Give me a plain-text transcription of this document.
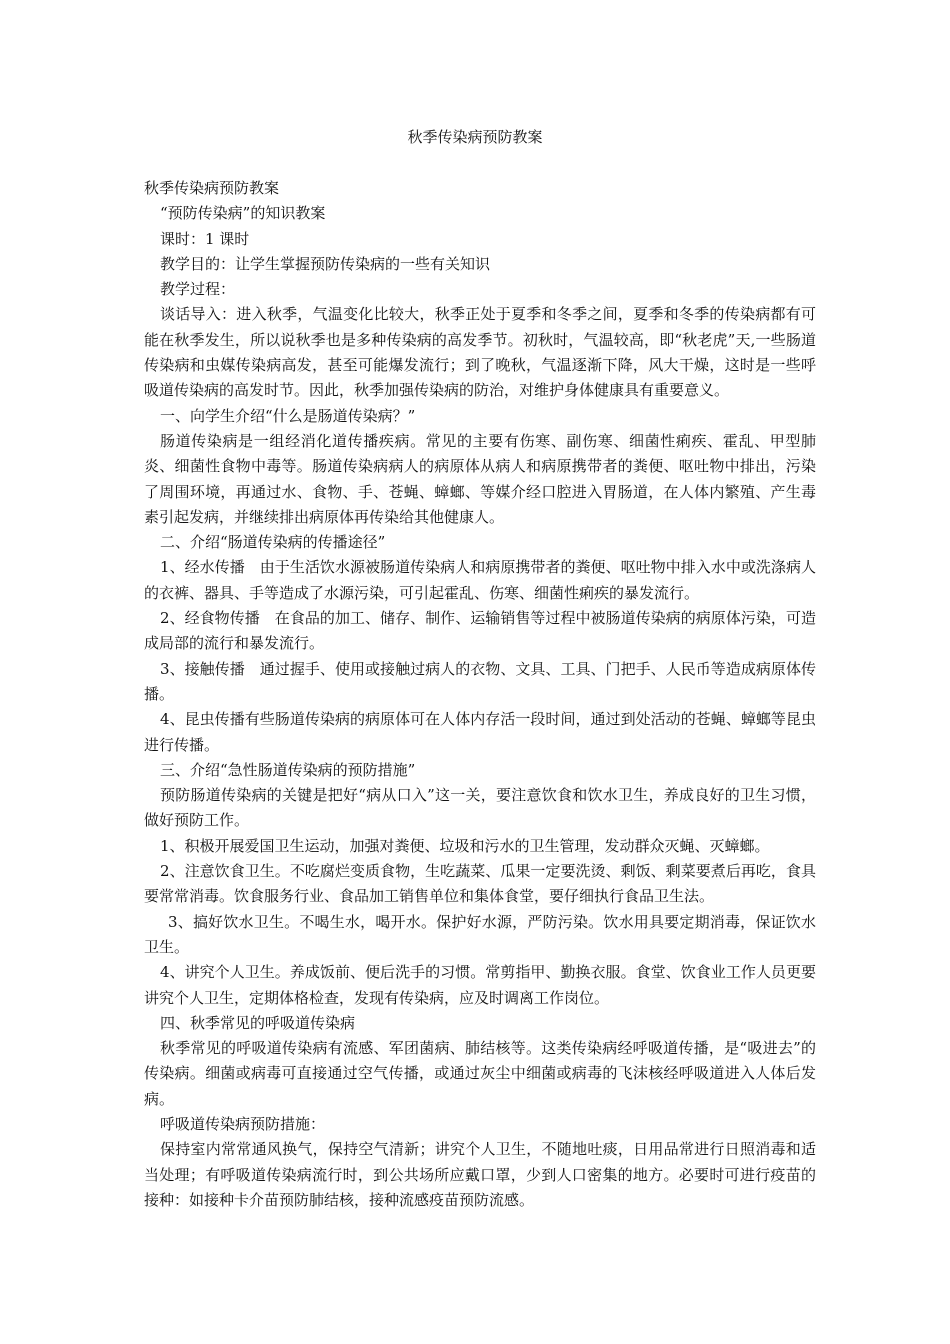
秋季传染病预防教案

秋季传染病预防教案

“预防传染病”的知识教案

课时：1 课时

教学目的：让学生掌握预防传染病的一些有关知识

教学过程：

谈话导入：进入秋季，气温变化比较大，秋季正处于夏季和冬季之间，夏季和冬季的传染病都有可能在秋季发生，所以说秋季也是多种传染病的高发季节。初秋时，气温较高，即“秋老虎”天,一些肠道传染病和虫媒传染病高发，甚至可能爆发流行；到了晚秋，气温逐渐下降，风大干燥，这时是一些呼吸道传染病的高发时节。因此，秋季加强传染病的防治，对维护身体健康具有重要意义。

一、向学生介绍“什么是肠道传染病？”

肠道传染病是一组经消化道传播疾病。常见的主要有伤寒、副伤寒、细菌性痢疾、霍乱、甲型肺炎、细菌性食物中毒等。肠道传染病病人的病原体从病人和病原携带者的粪便、呕吐物中排出，污染了周围环境，再通过水、食物、手、苍蝇、蟑螂、等媒介经口腔进入胃肠道，在人体内繁殖、产生毒素引起发病，并继续排出病原体再传染给其他健康人。

二、介绍“肠道传染病的传播途径”

1、经水传播　由于生活饮水源被肠道传染病人和病原携带者的粪便、呕吐物中排入水中或洗涤病人的衣裤、器具、手等造成了水源污染，可引起霍乱、伤寒、细菌性痢疾的暴发流行。

2、经食物传播　在食品的加工、储存、制作、运输销售等过程中被肠道传染病的病原体污染，可造成局部的流行和暴发流行。

3、接触传播　通过握手、使用或接触过病人的衣物、文具、工具、门把手、人民币等造成病原体传播。

4、昆虫传播有些肠道传染病的病原体可在人体内存活一段时间，通过到处活动的苍蝇、蟑螂等昆虫进行传播。

三、介绍“急性肠道传染病的预防措施”

预防肠道传染病的关键是把好“病从口入”这一关，要注意饮食和饮水卫生，养成良好的卫生习惯，做好预防工作。

1、积极开展爱国卫生运动，加强对粪便、垃圾和污水的卫生管理，发动群众灭蝇、灭蟑螂。

2、注意饮食卫生。不吃腐烂变质食物，生吃蔬菜、瓜果一定要洗烫、剩饭、剩菜要煮后再吃，食具要常常消毒。饮食服务行业、食品加工销售单位和集体食堂，要仔细执行食品卫生法。

3、搞好饮水卫生。不喝生水，喝开水。保护好水源，严防污染。饮水用具要定期消毒，保证饮水卫生。

4、讲究个人卫生。养成饭前、便后洗手的习惯。常剪指甲、勤换衣服。食堂、饮食业工作人员更要讲究个人卫生，定期体格检查，发现有传染病，应及时调离工作岗位。

四、秋季常见的呼吸道传染病

秋季常见的呼吸道传染病有流感、军团菌病、肺结核等。这类传染病经呼吸道传播，是“吸进去”的传染病。细菌或病毒可直接通过空气传播，或通过灰尘中细菌或病毒的飞沫核经呼吸道进入人体后发病。

呼吸道传染病预防措施：

保持室内常常通风换气，保持空气清新；讲究个人卫生，不随地吐痰，日用品常进行日照消毒和适当处理；有呼吸道传染病流行时，到公共场所应戴口罩，少到人口密集的地方。必要时可进行疫苗的接种：如接种卡介苗预防肺结核，接种流感疫苗预防流感。
